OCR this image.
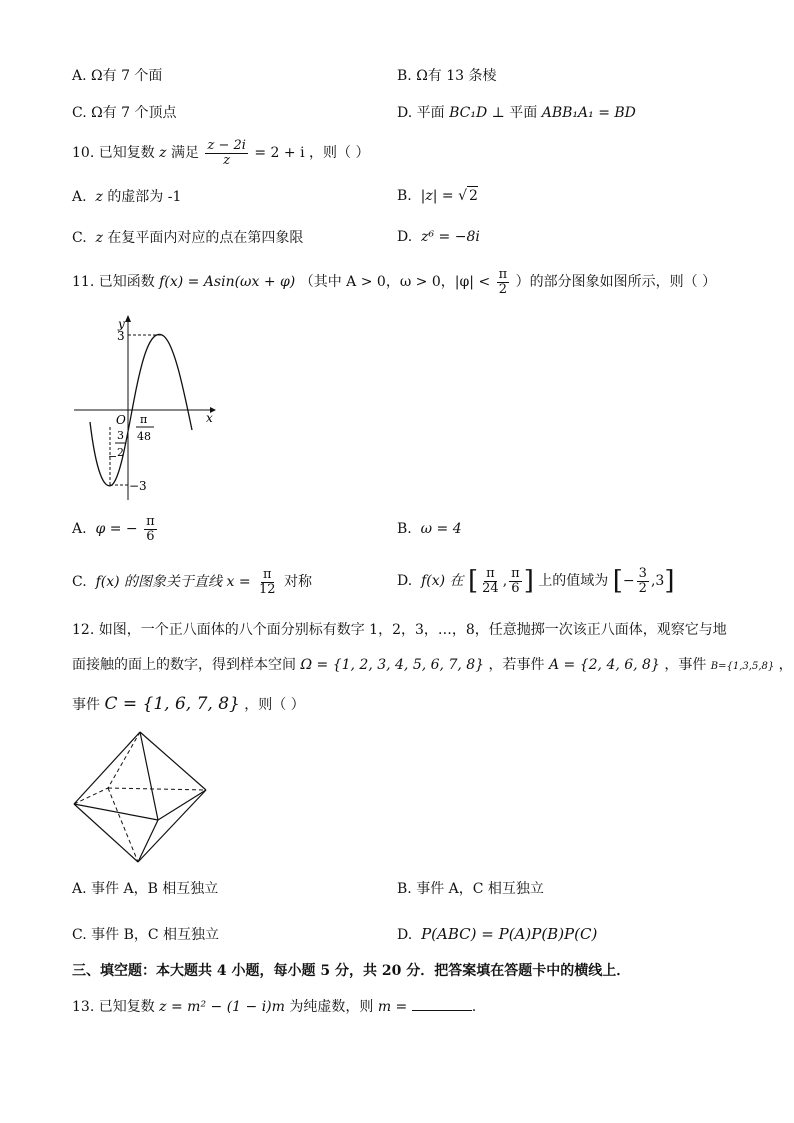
A. Ω有 7 个面	B. Ω有 13 条棱
C. Ω有 7 个顶点	D. 平面 BC₁D ⊥ 平面 ABB₁A₁ = BD
10. 已知复数 z 满足 $\frac{z - 2i}{z} = 2 + i$ ，则（ ）
A. z 的虚部为 -1	B. |z| = √ 2
C. z 在复平面内对应的点在第四象限	D. z⁶ = −8i
11. 已知函数 f(x) = Asin(ωx + φ) （其中 A > 0，ω > 0，$|\varphi| < \frac{\pi}{2}$ ）的部分图象如图所示，则（ ）
y
x
3
−3
O
−
3
2
π
48
A. φ = − $\frac{\pi}{6}$	B. ω = 4
C. f(x) 的图象关于直线 $x = \frac{\pi}{12}$ 对称	D. f(x) 在 [ $\frac{\pi}{24}$ , $\frac{\pi}{6}$ ] 上的值域为 [− $\frac{3}{2} ,3$]
12. 如图，一个正八面体的八个面分别标有数字 1，2，3，…，8，任意抛掷一次该正八面体，观察它与地
面接触的面上的数字，得到样本空间 Ω = {1, 2, 3, 4, 5, 6, 7, 8} ，若事件 A = {2, 4, 6, 8} ，事件 B={1,3,5,8} ，
事件 C = {1, 6, 7, 8} ，则（ ）
A. 事件 A，B 相互独立	B. 事件 A，C 相互独立
C. 事件 B，C 相互独立	D. P(ABC) = P(A)P(B)P(C)
三、填空题：本大题共 4 小题，每小题 5 分，共 20 分．把答案填在答题卡中的横线上．
13. 已知复数 z = m² − (1 − i)m 为纯虚数，则 m =	.
